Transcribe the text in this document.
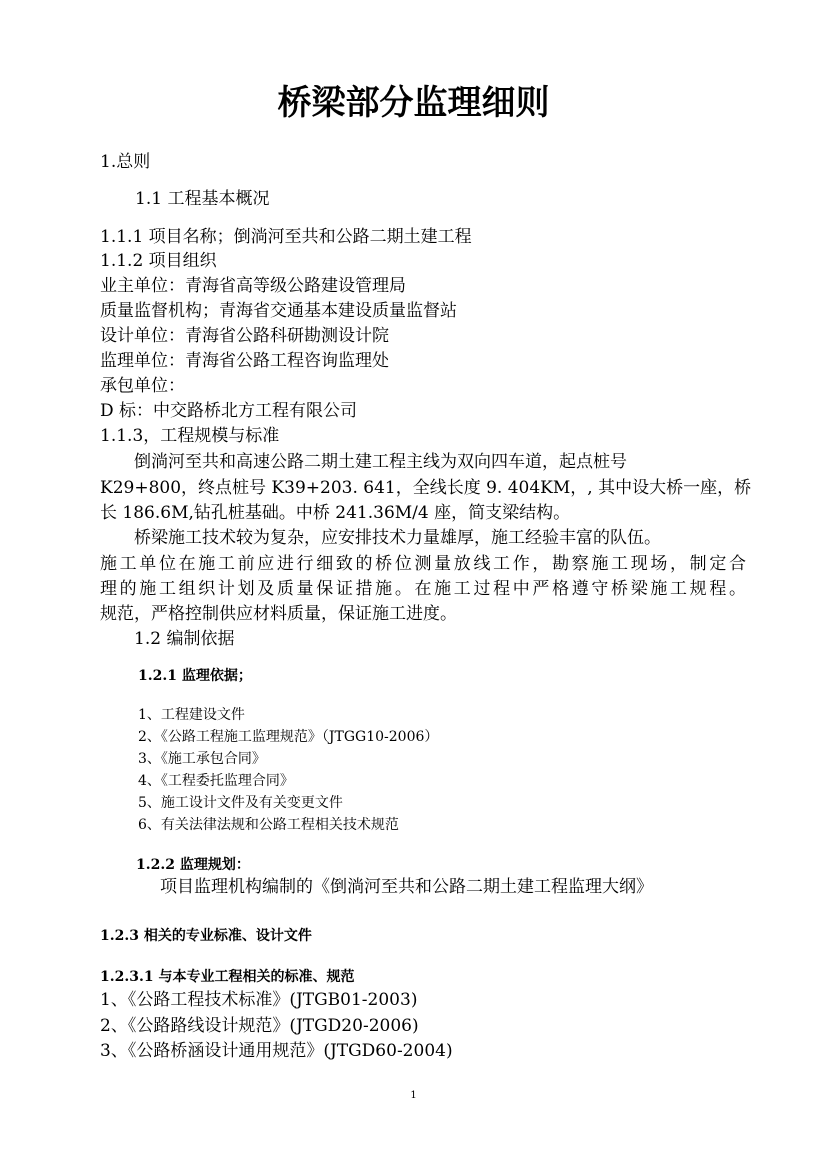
桥梁部分监理细则
1.总则
1.1 工程基本概况
1.1.1 项目名称；倒淌河至共和公路二期土建工程
1.1.2 项目组织
业主单位：青海省高等级公路建设管理局
质量监督机构；青海省交通基本建设质量监督站
设计单位：青海省公路科研勘测设计院
监理单位：青海省公路工程咨询监理处
承包单位：
D 标：中交路桥北方工程有限公司
1.1.3，工程规模与标准
倒淌河至共和高速公路二期土建工程主线为双向四车道，起点桩号
K29+800，终点桩号 K39+203. 641，全线长度 9. 404KM，, 其中设大桥一座，桥
长 186.6M,钻孔桩基础。中桥 241.36M/4 座，简支梁结构。
桥梁施工技术较为复杂，应安排技术力量雄厚，施工经验丰富的队伍。
施工单位在施工前应进行细致的桥位测量放线工作，勘察施工现场，制定合
理的施工组织计划及质量保证措施。在施工过程中严格遵守桥梁施工规程。
规范，严格控制供应材料质量，保证施工进度。
1.2 编制依据
1.2.1 监理依据；
1、工程建设文件
2、《公路工程施工监理规范》（JTGG10-2006）
3、《施工承包合同》
4、《工程委托监理合同》
5、施工设计文件及有关变更文件
6、有关法律法规和公路工程相关技术规范
1.2.2 监理规划：
项目监理机构编制的《倒淌河至共和公路二期土建工程监理大纲》
1.2.3 相关的专业标准、设计文件
1.2.3.1 与本专业工程相关的标准、规范
1、《公路工程技术标准》(JTGB01-2003)
2、《公路路线设计规范》(JTGD20-2006)
3、《公路桥涵设计通用规范》(JTGD60-2004)
1
